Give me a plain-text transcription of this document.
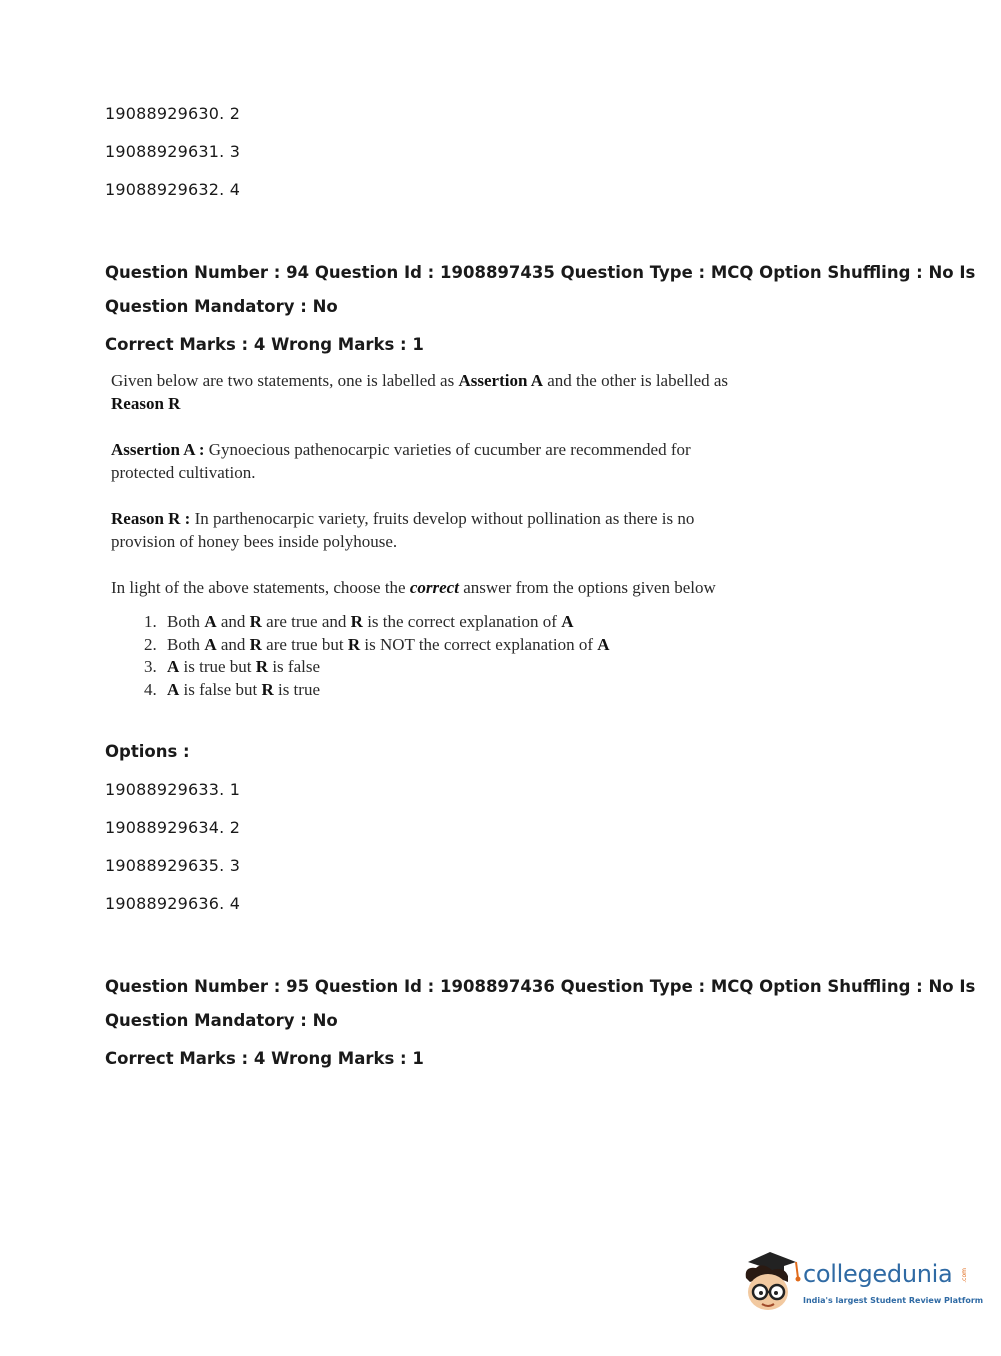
19088929630. 2
19088929631. 3
19088929632. 4
Question Number : 94 Question Id : 1908897435 Question Type : MCQ Option Shuffling : No Is
Question Mandatory : No
Correct Marks : 4 Wrong Marks : 1

Given below are two statements, one is labelled as Assertion A and the other is labelled as
Reason R

Assertion A : Gynoecious pathenocarpic varieties of cucumber are recommended for protected cultivation.

Reason R : In parthenocarpic variety, fruits develop without pollination as there is no provision of honey bees inside polyhouse.

In light of the above statements, choose the correct answer from the options given below

1. Both A and R are true and R is the correct explanation of A
2. Both A and R are true but R is NOT the correct explanation of A
3. A is true but R is false
4. A is false but R is true
Options :
19088929633. 1
19088929634. 2
19088929635. 3
19088929636. 4
Question Number : 95 Question Id : 1908897436 Question Type : MCQ Option Shuffling : No Is
Question Mandatory : No
Correct Marks : 4 Wrong Marks : 1
collegedunia .com
India's largest Student Review Platform
